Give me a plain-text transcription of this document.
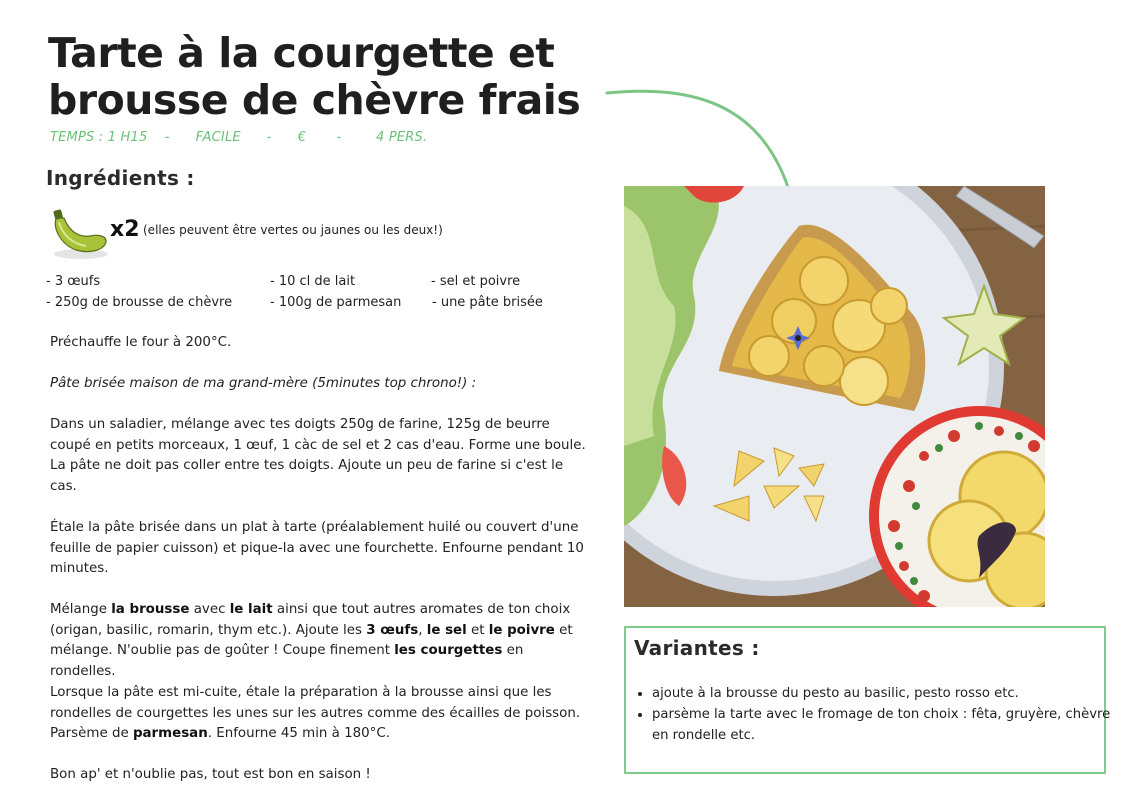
Tarte à la courgette et brousse de chèvre frais
TEMPS : 1 H15    -      FACILE      -      €       -        4 PERS.
Ingrédients :
x2 (elles peuvent être vertes ou jaunes ou les deux!)
- 3 œufs	- 10 cl de lait	- sel et poivre
- 250g de brousse de chèvre	- 100g de parmesan - une pâte brisée
Préchauffe le four à 200°C.
Pâte brisée maison de ma grand-mère (5minutes top chrono!) :
Dans un saladier, mélange avec tes doigts 250g de farine, 125g de beurre coupé en petits morceaux, 1 œuf, 1 càc de sel et 2 cas d'eau. Forme une boule. La pâte ne doit pas coller entre tes doigts. Ajoute un peu de farine si c'est le cas.
Étale la pâte brisée dans un plat à tarte (préalablement huilé ou couvert d'une feuille de papier cuisson) et pique-la avec une fourchette. Enfourne pendant 10 minutes.
Mélange la brousse avec le lait ainsi que tout autres aromates de ton choix (origan, basilic, romarin, thym etc.). Ajoute les 3 œufs, le sel et le poivre et mélange. N'oublie pas de goûter ! Coupe finement les courgettes en rondelles.
Lorsque la pâte est mi-cuite, étale la préparation à la brousse ainsi que les rondelles de courgettes les unes sur les autres comme des écailles de poisson. Parsème de parmesan. Enfourne 45 min à 180°C.
Bon ap' et n'oublie pas, tout est bon en saison !
Variantes :
• ajoute à la brousse du pesto au basilic, pesto rosso etc.
• parsème la tarte avec le fromage de ton choix : fêta, gruyère, chèvre en rondelle etc.
